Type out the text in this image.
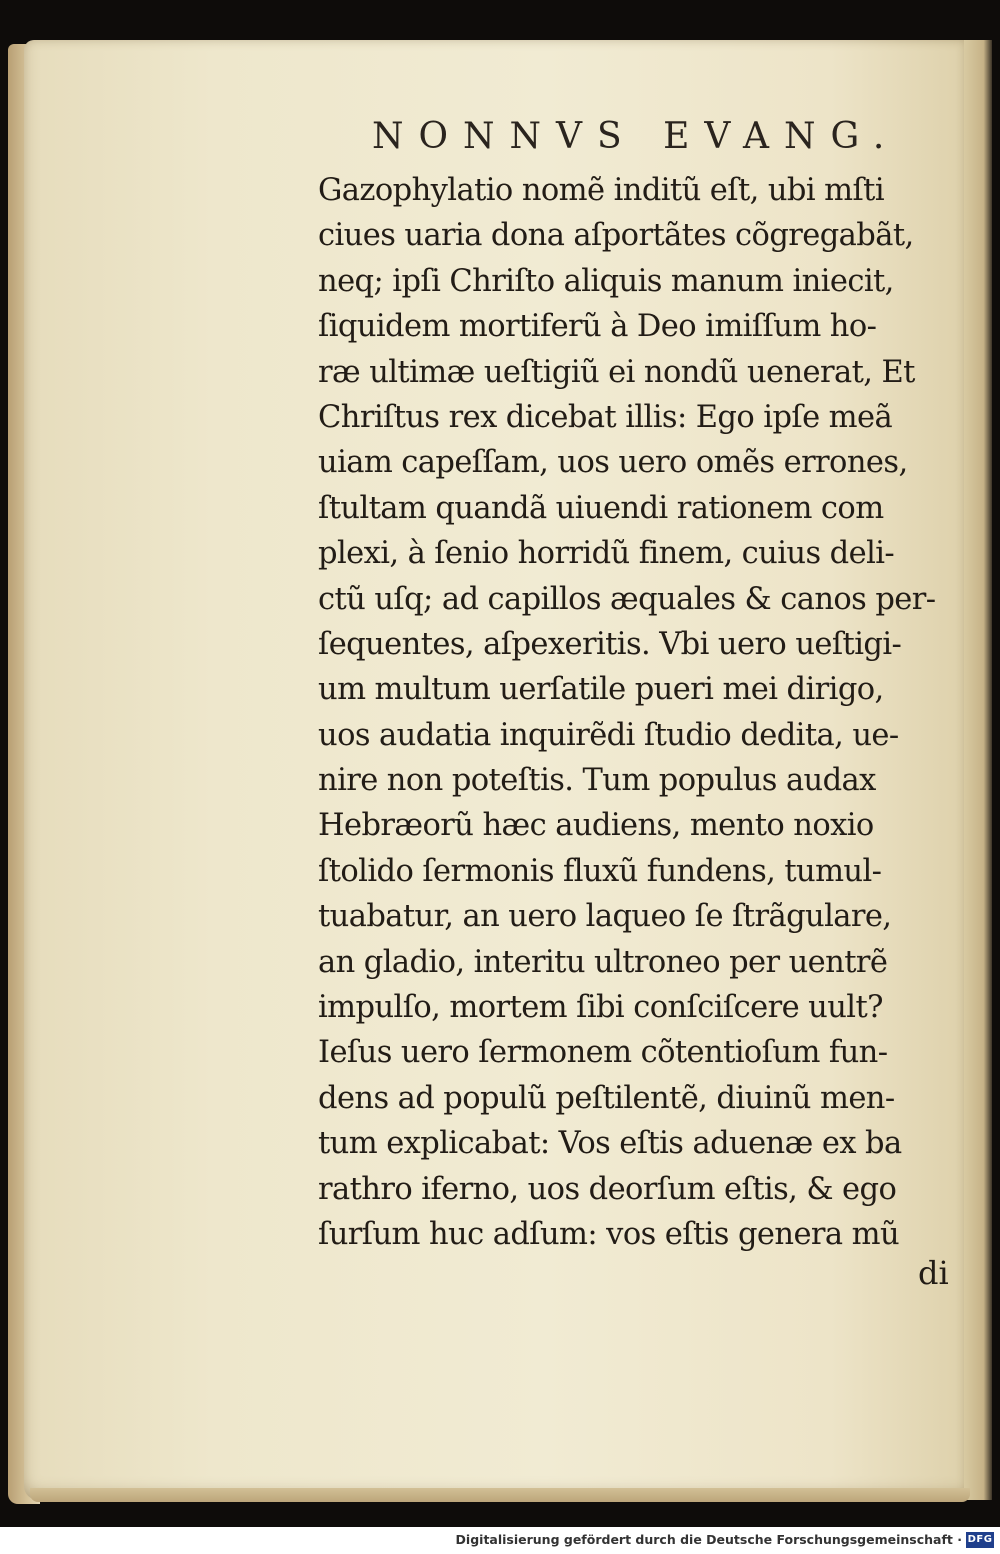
NONNVS EVANG.
Gazophylatio nomẽ inditũ eſt, ubi mſti
ciues uaria dona aſportãtes cõgregabãt,
neq; ipſi Chriſto aliquis manum iniecit,
ſiquidem mortiferũ à Deo imiſſum ho-
ræ ultimæ ueſtigiũ ei nondũ uenerat, Et
Chriſtus rex dicebat illis: Ego ipſe meã
uiam capeſſam, uos uero omẽs errones,
ſtultam quandã uiuendi rationem com
plexi, à ſenio horridũ finem, cuius deli-
ctũ uſq; ad capillos æquales & canos per-
ſequentes, aſpexeritis. Vbi uero ueſtigi-
um multum uerſatile pueri mei dirigo,
uos audatia inquirẽdi ſtudio dedita, ue-
nire non poteſtis. Tum populus audax
Hebræorũ hæc audiens, mento noxio
ſtolido ſermonis fluxũ fundens, tumul-
tuabatur, an uero laqueo ſe ſtrãgulare,
an gladio, interitu ultroneo per uentrẽ
impulſo, mortem ſibi conſciſcere uult?
Ieſus uero ſermonem cõtentioſum fun-
dens ad populũ peſtilentẽ, diuinũ men-
tum explicabat: Vos eſtis aduenæ ex ba
rathro iferno, uos deorſum eſtis, & ego
ſurſum huc adſum: vos eſtis genera mũ
di
Digitalisierung gefördert durch die Deutsche Forschungsgemeinschaft · DFG
